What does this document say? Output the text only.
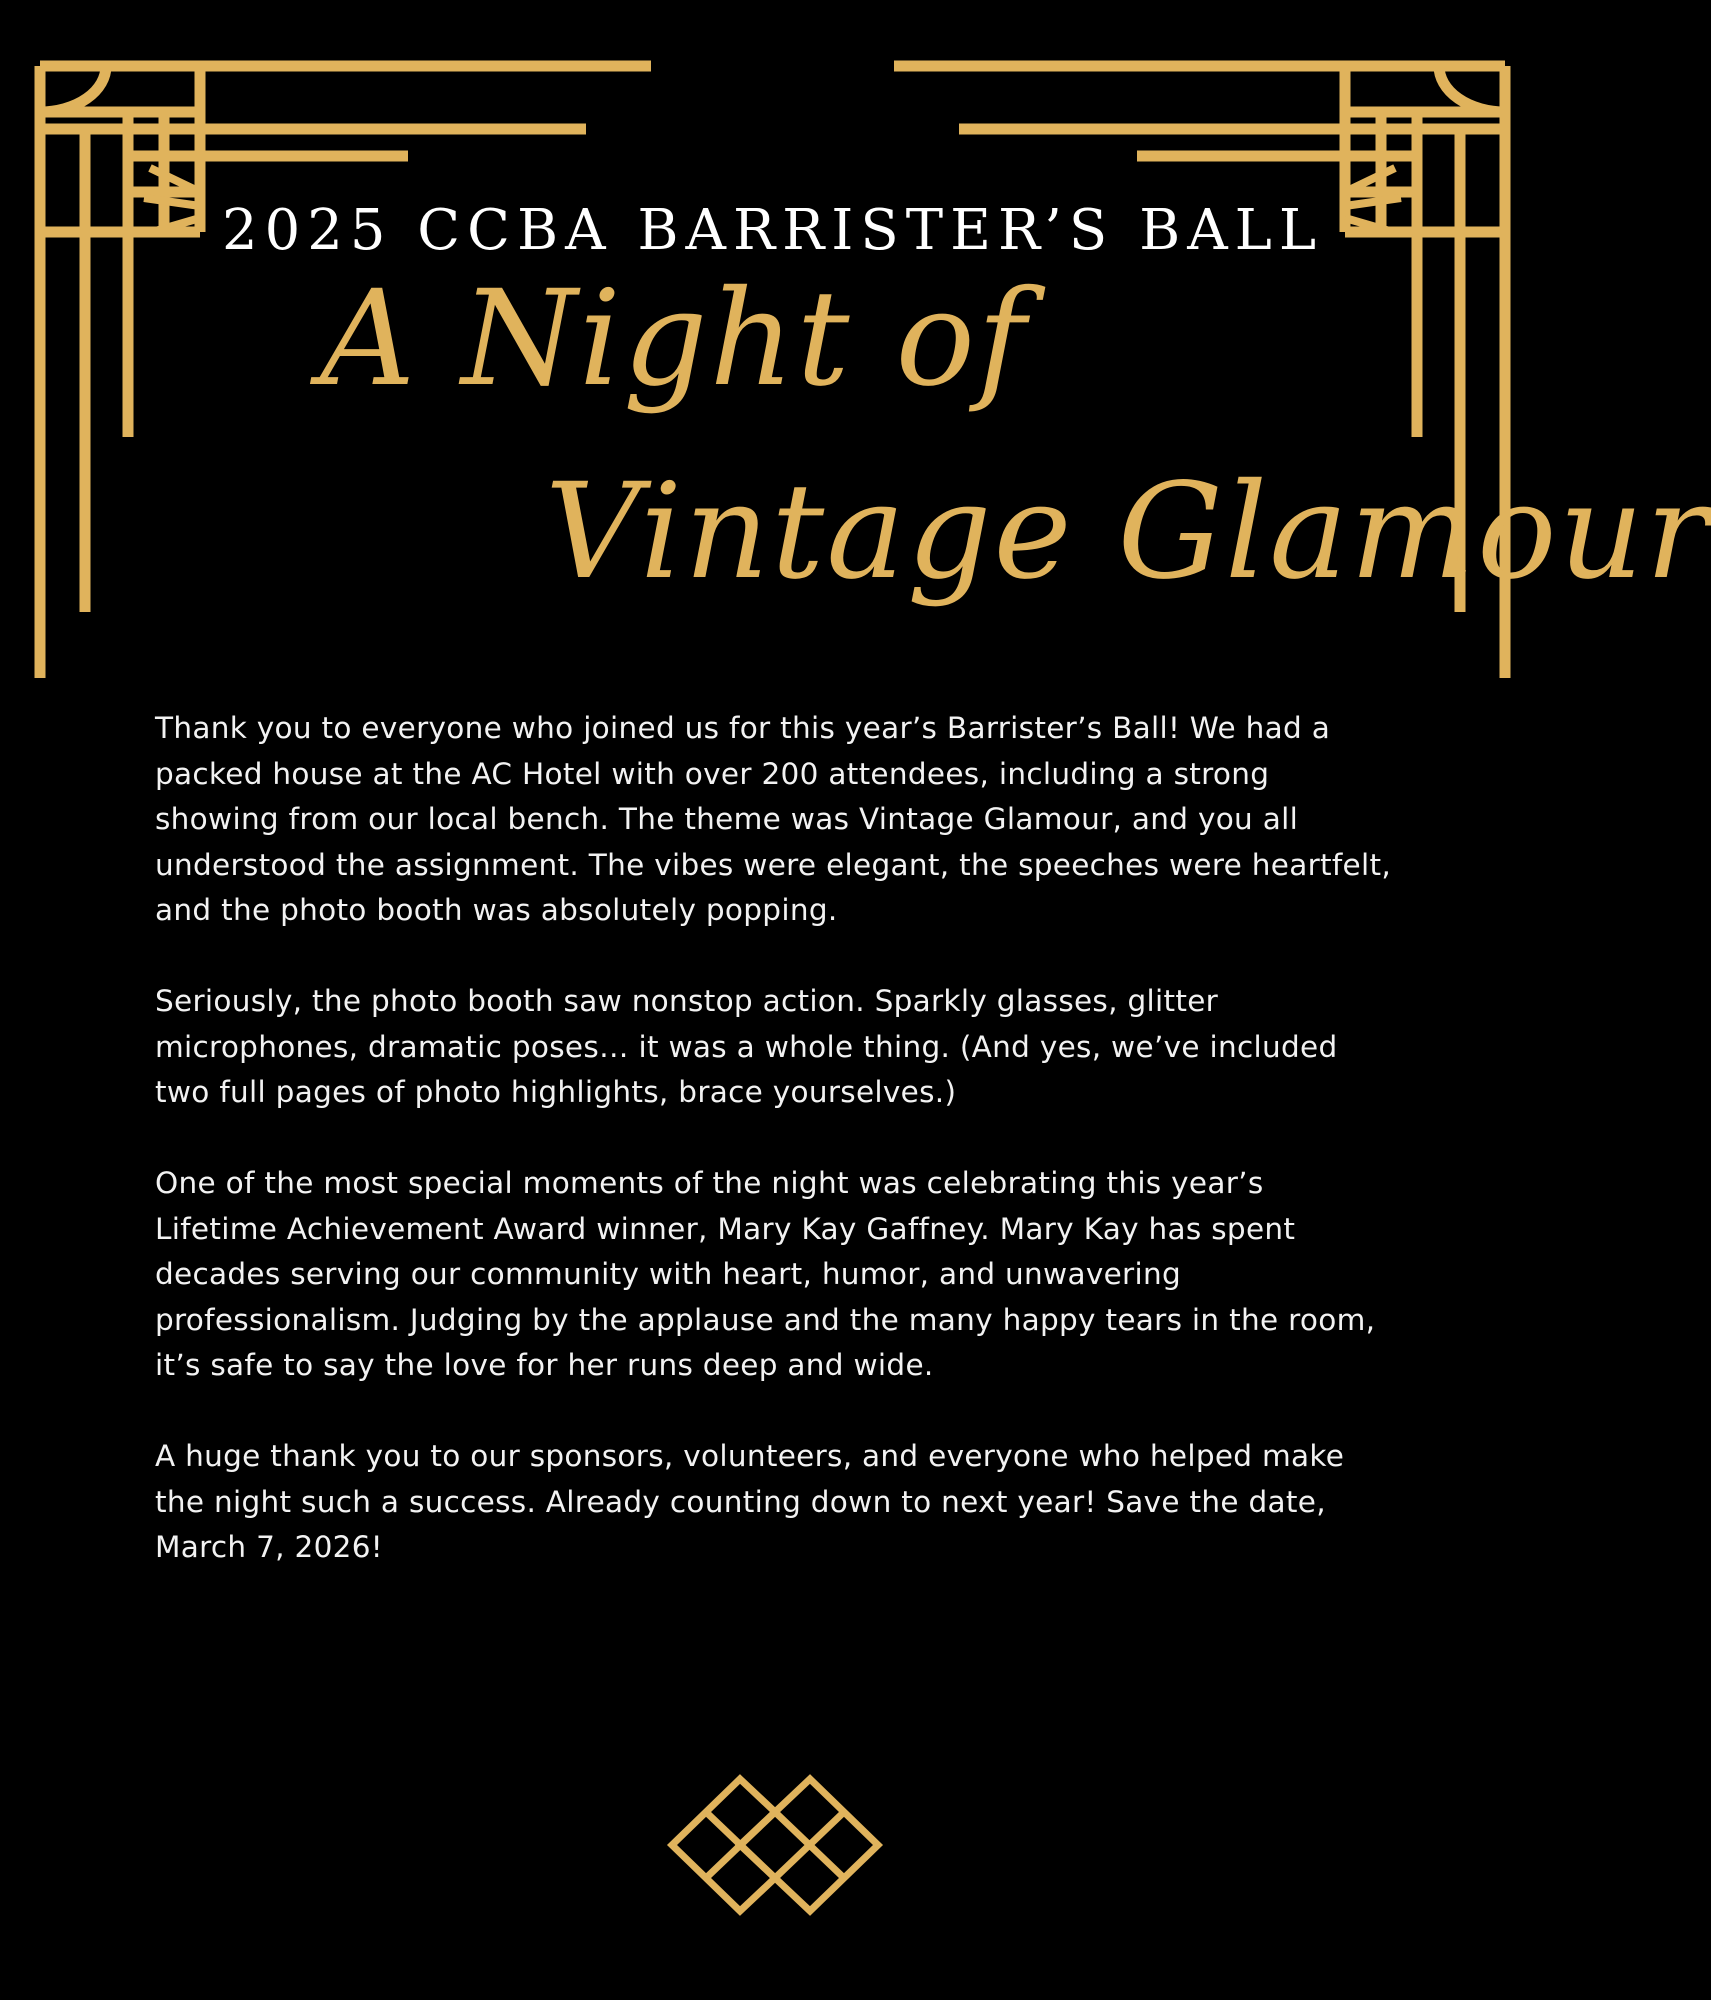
2025 CCBA BARRISTER’S BALL
A Night of
Vintage Glamour

Thank you to everyone who joined us for this year’s Barrister’s Ball! We had a packed house at the AC Hotel with over 200 attendees, including a strong showing from our local bench. The theme was Vintage Glamour, and you all understood the assignment. The vibes were elegant, the speeches were heartfelt, and the photo booth was absolutely popping.

Seriously, the photo booth saw nonstop action. Sparkly glasses, glitter microphones, dramatic poses… it was a whole thing. (And yes, we’ve included two full pages of photo highlights, brace yourselves.)

One of the most special moments of the night was celebrating this year’s Lifetime Achievement Award winner, Mary Kay Gaffney. Mary Kay has spent decades serving our community with heart, humor, and unwavering professionalism. Judging by the applause and the many happy tears in the room, it’s safe to say the love for her runs deep and wide.

A huge thank you to our sponsors, volunteers, and everyone who helped make the night such a success. Already counting down to next year! Save the date, March 7, 2026!
